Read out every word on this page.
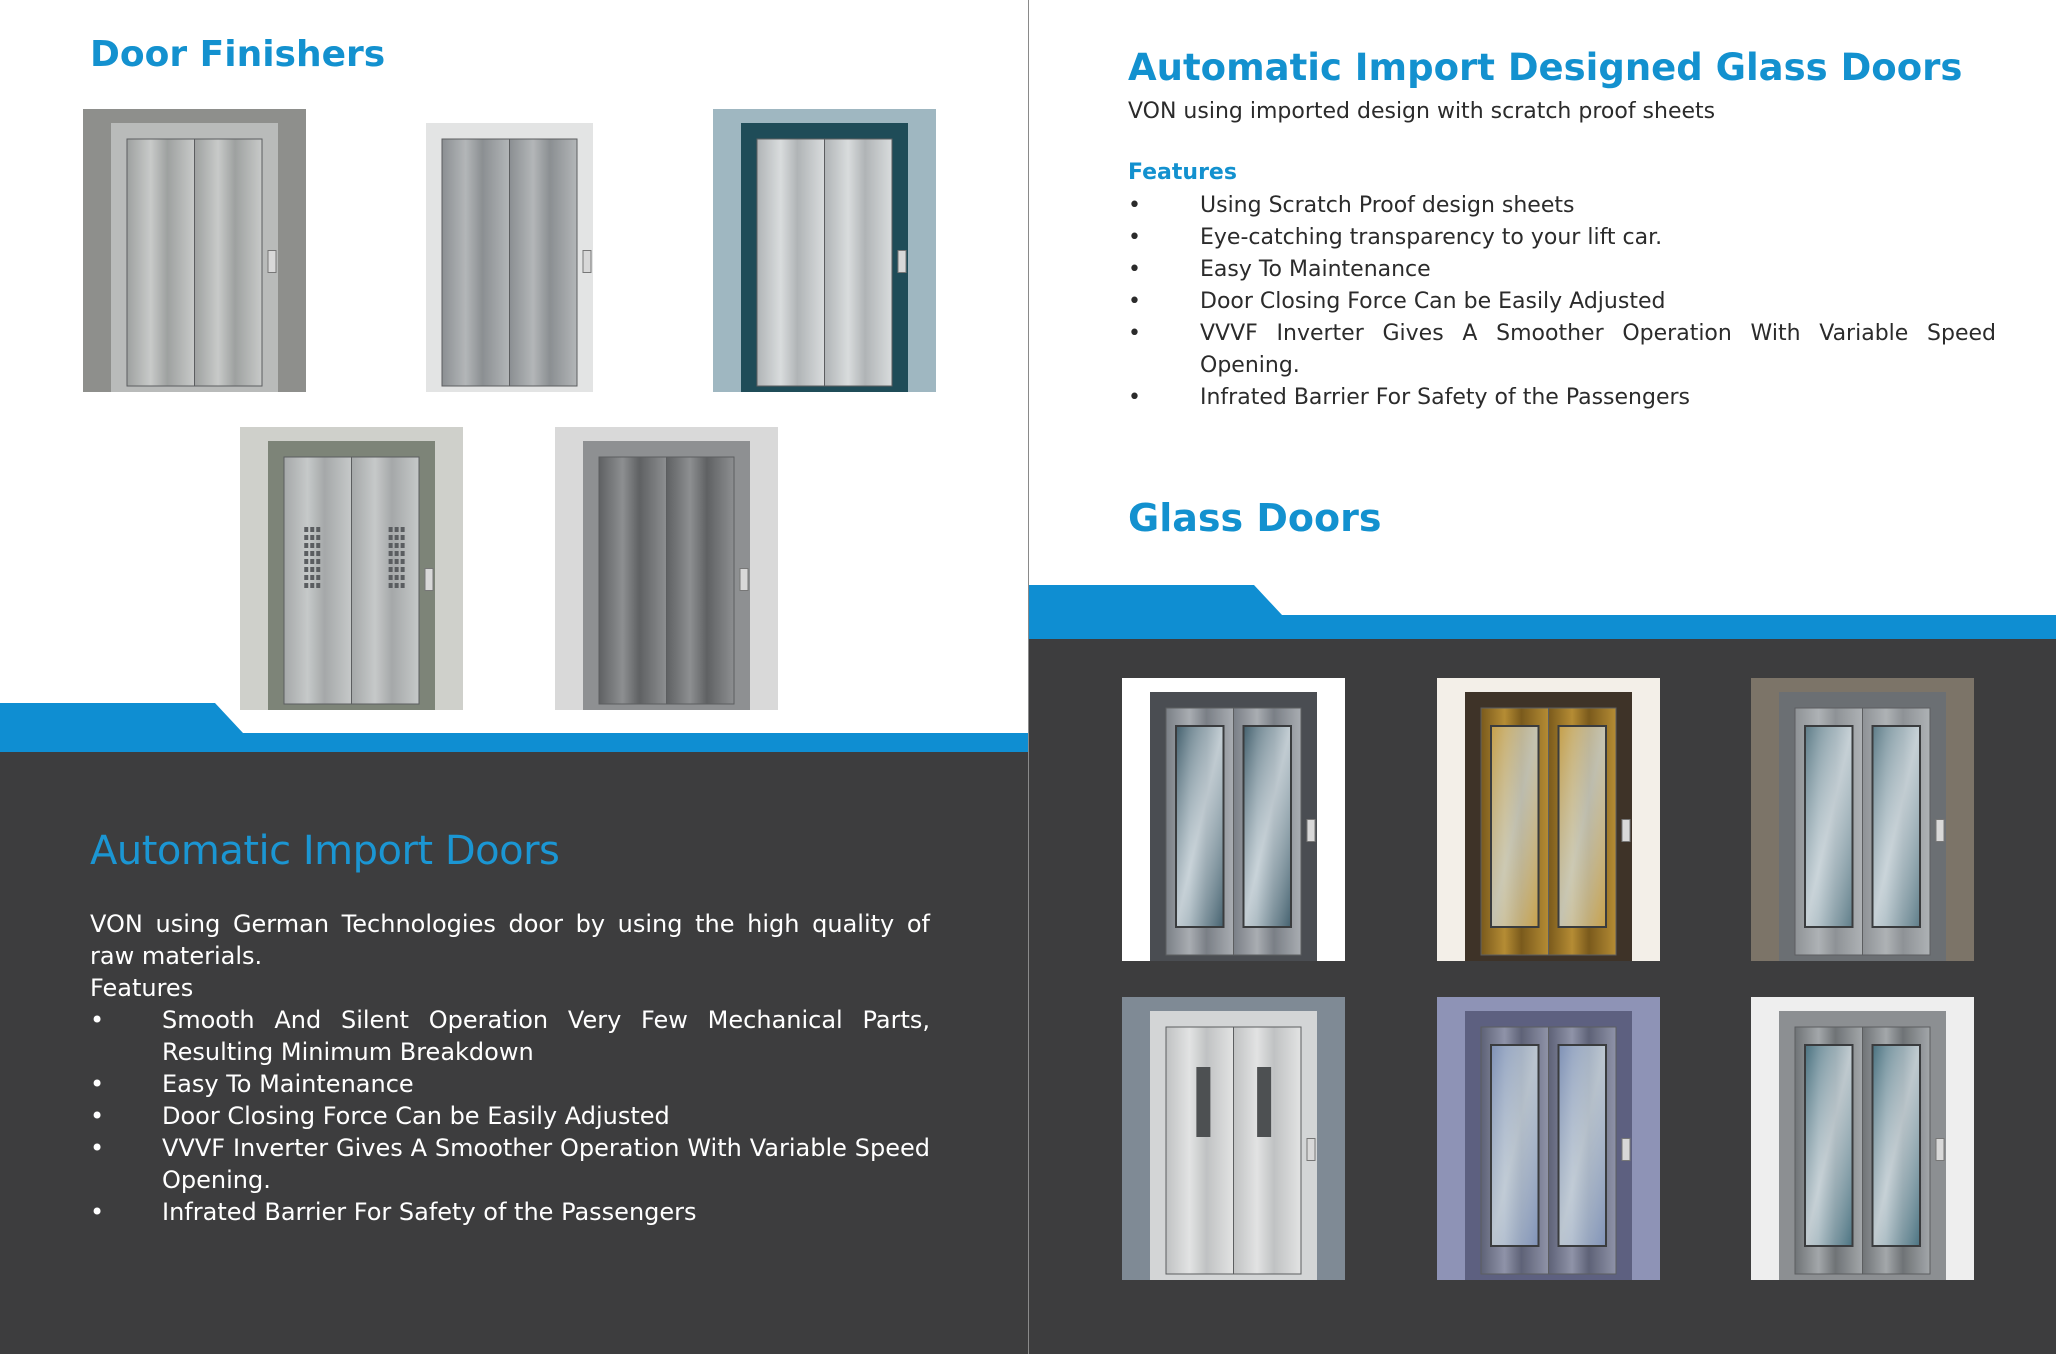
Door Finishers
Automatic Import Doors

VON using German Technologies door by using the high quality of raw materials.

Features

• Smooth And Silent Operation Very Few Mechanical Parts, Resulting Minimum Breakdown
• Easy To Maintenance
• Door Closing Force Can be Easily Adjusted
• VVVF Inverter Gives A Smoother Operation With Variable Speed Opening.
• Infrated Barrier For Safety of the Passengers
Automatic Import Designed Glass Doors
VON using imported design with scratch proof sheets
Features
•	Using Scratch Proof design sheets
•	Eye-catching transparency to your lift car.
•	Easy To Maintenance
•	Door Closing Force Can be Easily Adjusted
•	VVVF Inverter Gives A Smoother Operation With Variable Speed Opening.
•	Infrated Barrier For Safety of the Passengers
Glass Doors
